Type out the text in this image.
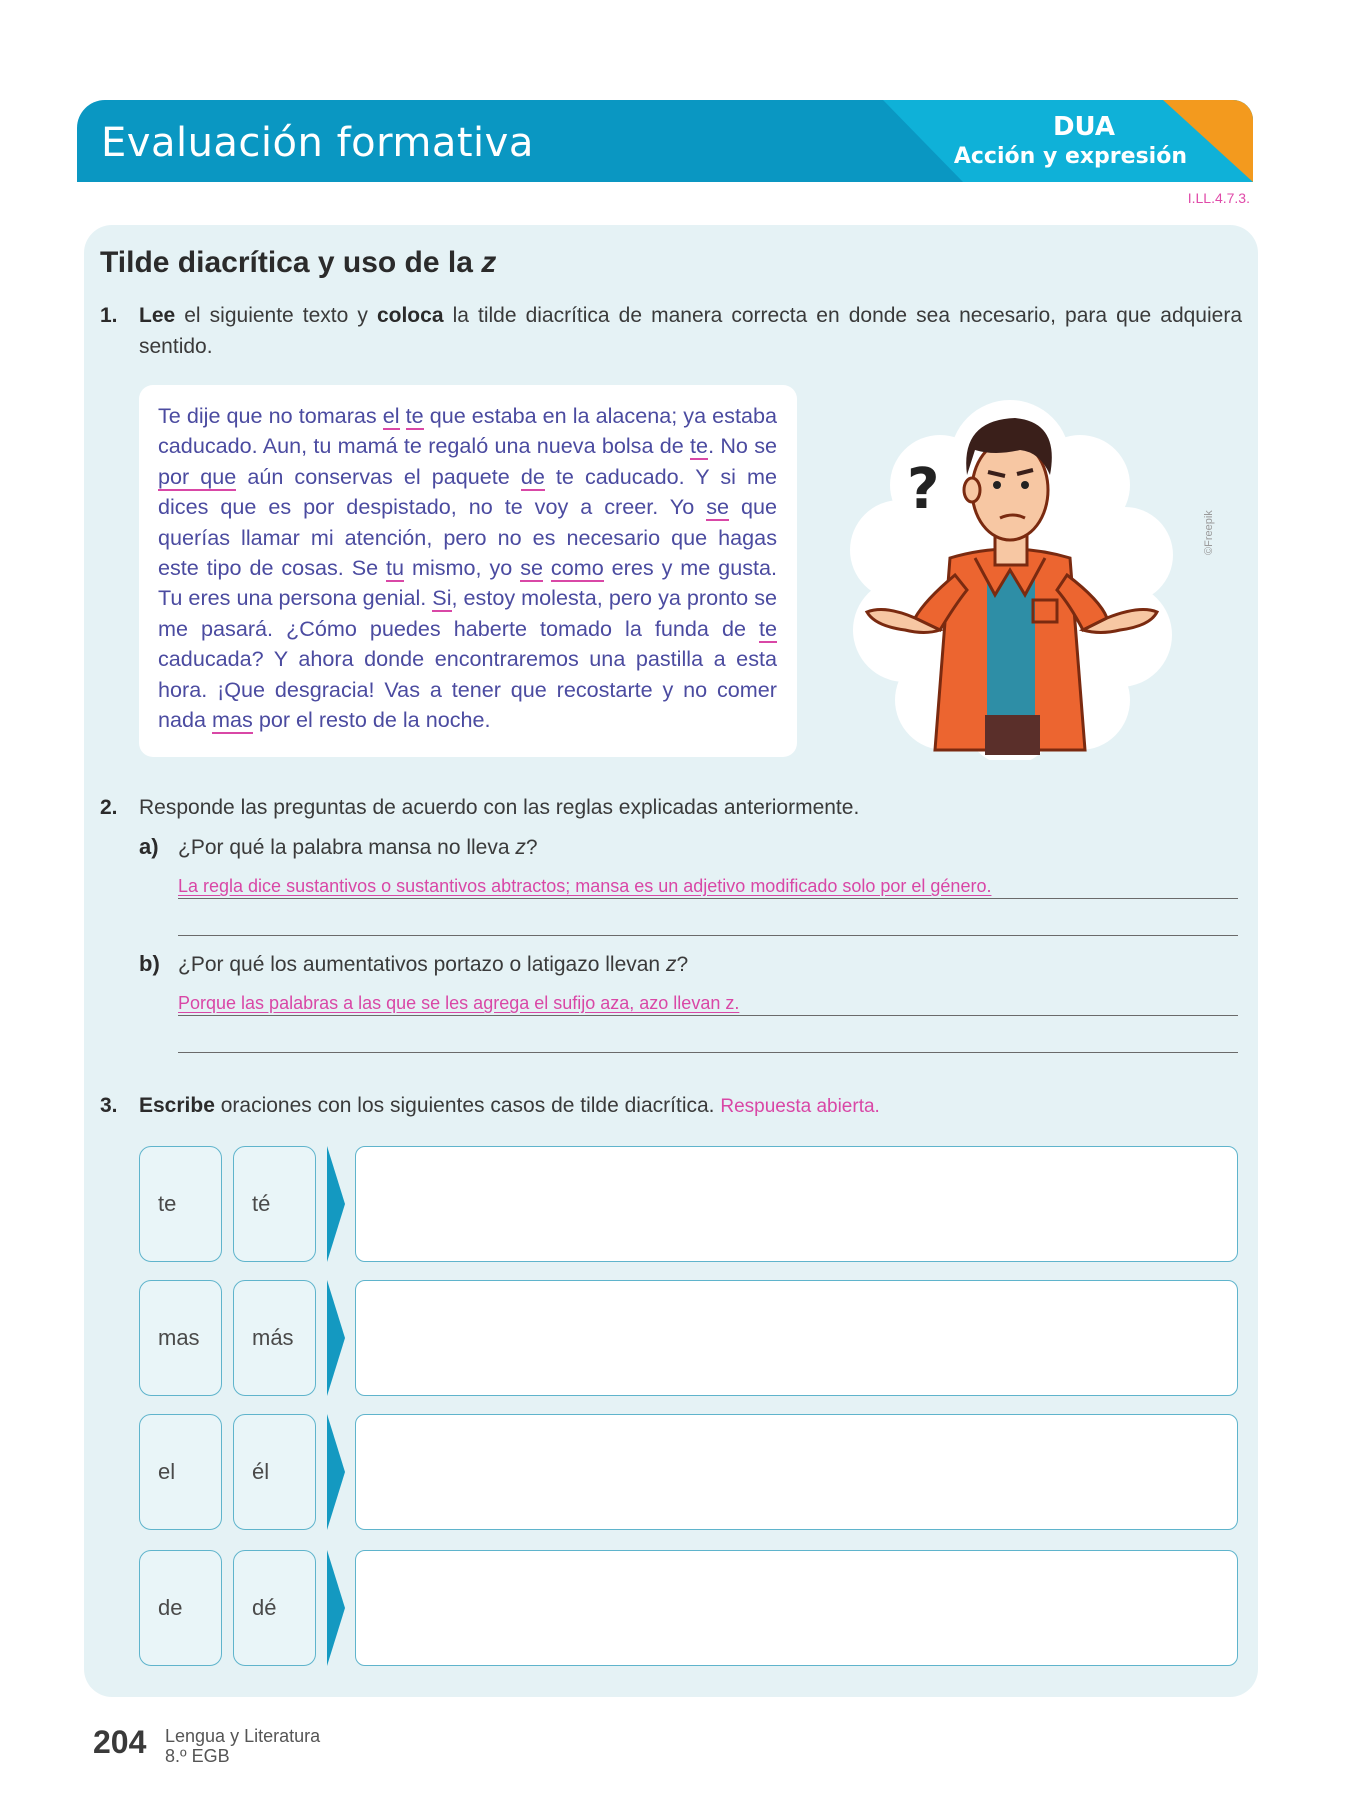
Evaluación formativa	DUA
Acción y expresión
I.LL.4.7.3.
Tilde diacrítica y uso de la z
1.	Lee el siguiente texto y coloca la tilde diacrítica de manera correcta en donde sea necesario, para que adquiera sentido.

Te dije que no tomaras el te que estaba en la alacena; ya estaba caducado. Aun, tu mamá te regaló una nueva bolsa de te. No se por que aún conservas el paquete de te caducado. Y si me dices que es por despistado, no te voy a creer. Yo se que querías llamar mi atención, pero no es necesario que hagas este tipo de cosas. Se tu mismo, yo se como eres y me gusta. Tu eres una persona genial. Si, estoy molesta, pero ya pronto se me pasará. ¿Cómo puedes haberte tomado la funda de te caducada? Y ahora donde encontraremos una pastilla a esta hora. ¡Que desgracia! Vas a tener que recostarte y no comer nada mas por el resto de la noche.

?
©Freepik
2.	Responde las preguntas de acuerdo con las reglas explicadas anteriormente.
a) ¿Por qué la palabra mansa no lleva z?
La regla dice sustantivos o sustantivos abtractos; mansa es un adjetivo modificado solo por el género.
b) ¿Por qué los aumentativos portazo o latigazo llevan z?
Porque las palabras a las que se les agrega el sufijo aza, azo llevan z.
3.	Escribe oraciones con los siguientes casos de tilde diacrítica. Respuesta abierta.
te	té
mas	más
el	él
de	dé
204 Lengua y Literatura
8.º EGB
